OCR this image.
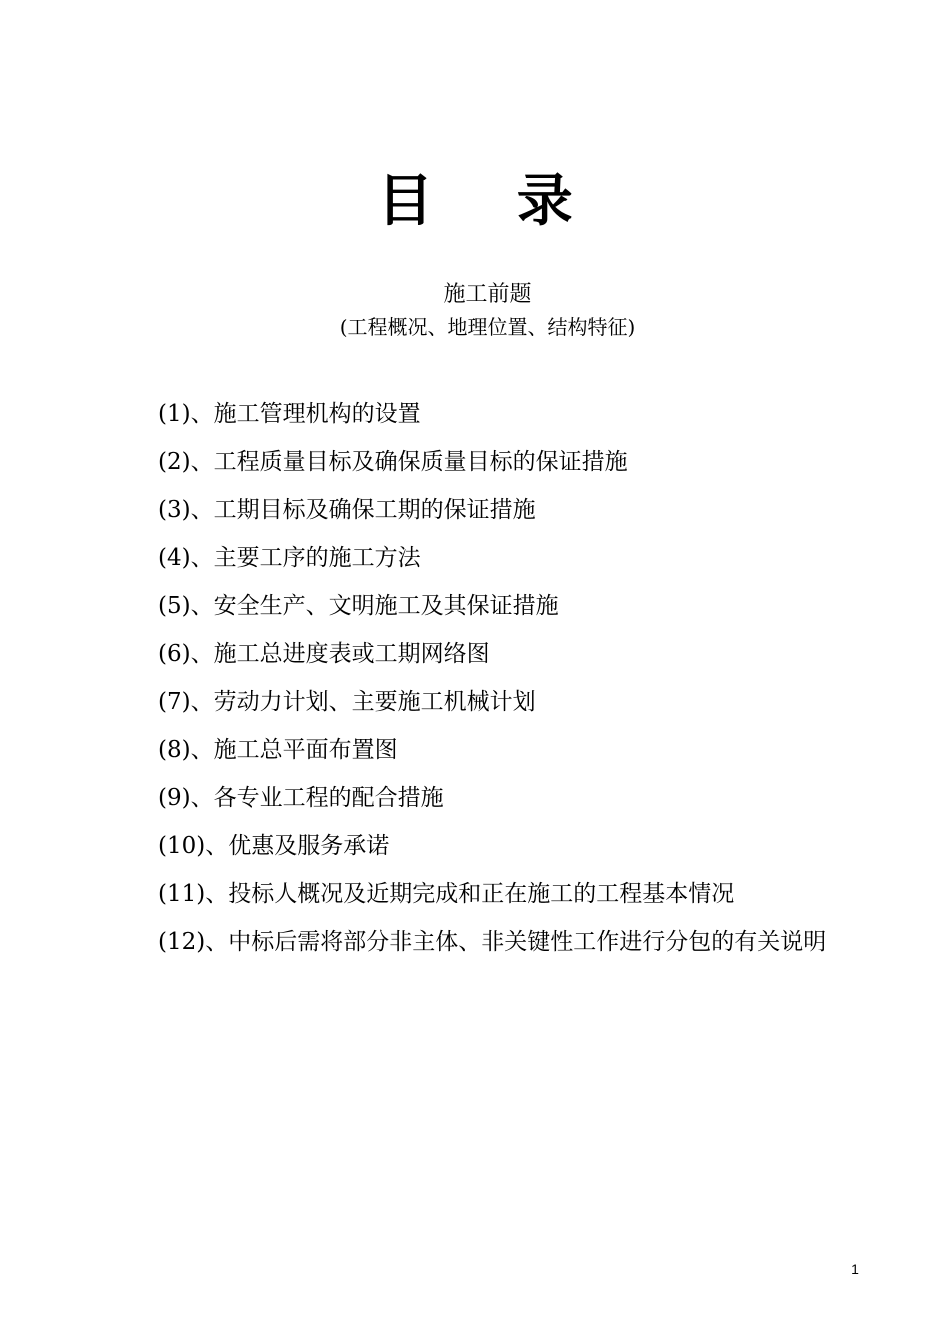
目 录
施工前题
(工程概况、地理位置、结构特征)
(1)、施工管理机构的设置
(2)、工程质量目标及确保质量目标的保证措施
(3)、工期目标及确保工期的保证措施
(4)、主要工序的施工方法
(5)、安全生产、文明施工及其保证措施
(6)、施工总进度表或工期网络图
(7)、劳动力计划、主要施工机械计划
(8)、施工总平面布置图
(9)、各专业工程的配合措施
(10)、优惠及服务承诺
(11)、投标人概况及近期完成和正在施工的工程基本情况
(12)、中标后需将部分非主体、非关键性工作进行分包的有关说明
1
